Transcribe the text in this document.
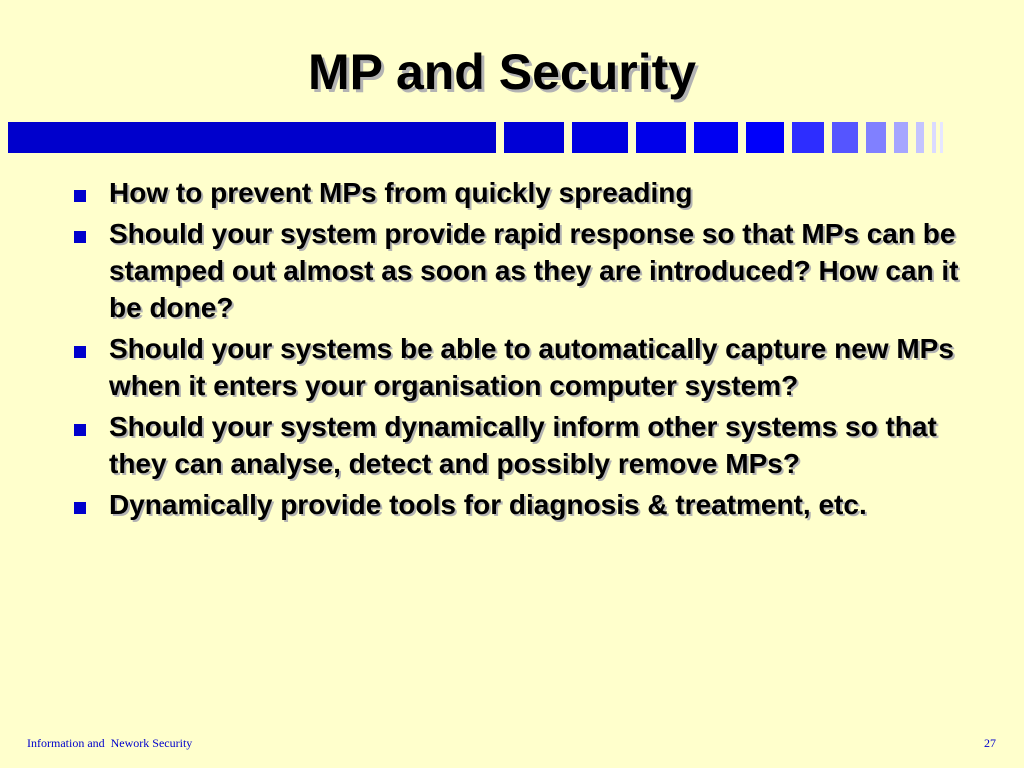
MP and Security
How to prevent MPs from quickly spreading
Should your system provide rapid response so that MPs can be stamped out almost as soon as they are introduced? How can it be done?
Should your systems be able to automatically capture new MPs when it enters your organisation computer system?
Should your system dynamically inform other systems so that they can analyse, detect and possibly remove MPs?
Dynamically provide tools for diagnosis & treatment, etc.
Information and  Nework Security	27
